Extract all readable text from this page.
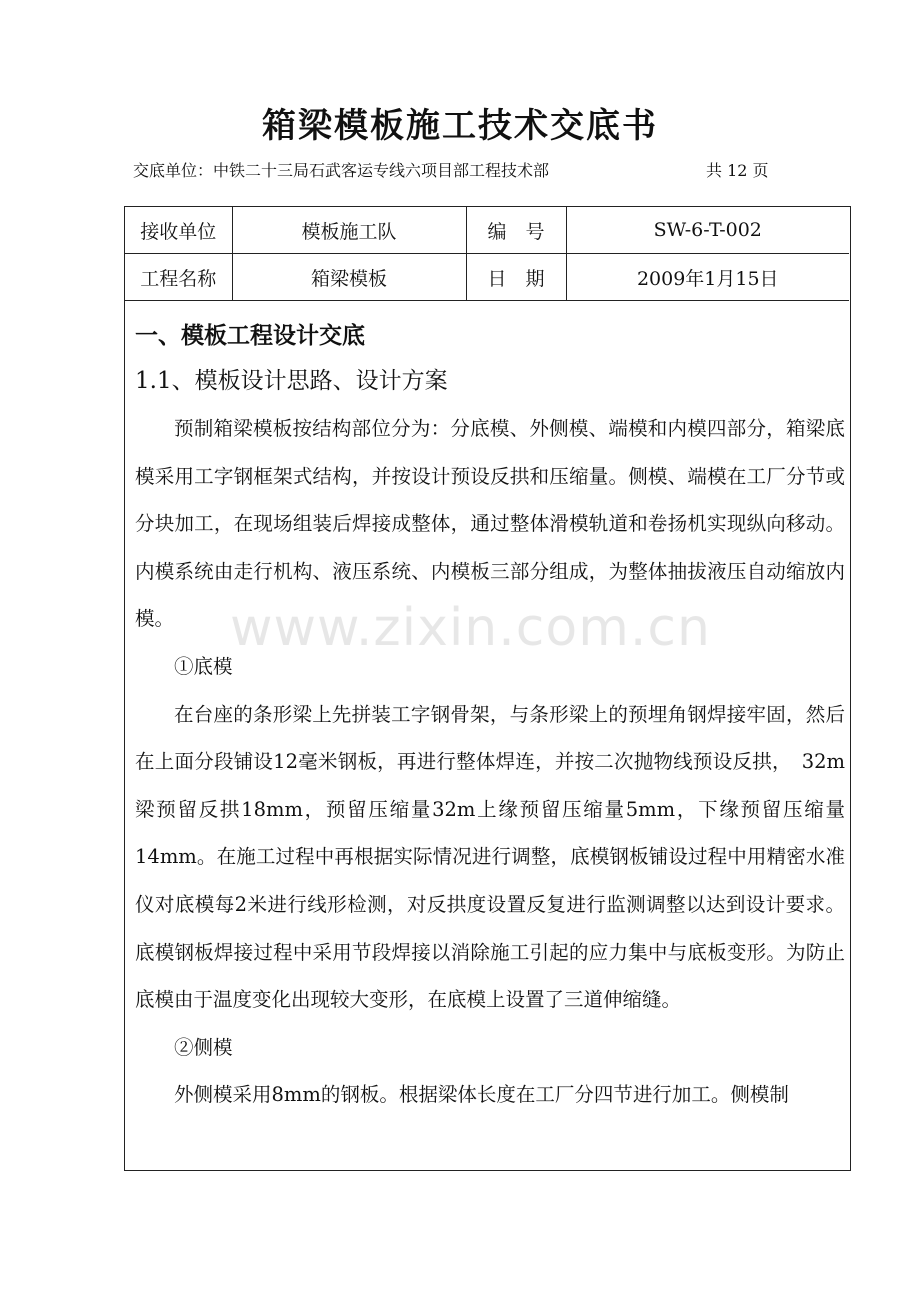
箱梁模板施工技术交底书
交底单位：中铁二十三局石武客运专线六项目部工程技术部	共 12 页
接收单位	模板施工队	编　号	SW-6-T-002
工程名称	箱梁模板	日　期	2009年1月15日

一、模板工程设计交底

1.1、模板设计思路、设计方案

预制箱梁模板按结构部位分为：分底模、外侧模、端模和内模四部分，箱梁底模采用工字钢框架式结构，并按设计预设反拱和压缩量。侧模、端模在工厂分节或分块加工，在现场组装后焊接成整体，通过整体滑模轨道和卷扬机实现纵向移动。内模系统由走行机构、液压系统、内模板三部分组成，为整体抽拔液压自动缩放内模。

①底模

在台座的条形梁上先拼装工字钢骨架，与条形梁上的预埋角钢焊接牢固，然后在上面分段铺设12毫米钢板，再进行整体焊连，并按二次抛物线预设反拱，　32m梁预留反拱18mm，预留压缩量32m上缘预留压缩量5mm，下缘预留压缩量14mm。在施工过程中再根据实际情况进行调整，底模钢板铺设过程中用精密水准仪对底模每2米进行线形检测，对反拱度设置反复进行监测调整以达到设计要求。底模钢板焊接过程中采用节段焊接以消除施工引起的应力集中与底板变形。为防止底模由于温度变化出现较大变形，在底模上设置了三道伸缩缝。

②侧模

外侧模采用8mm的钢板。根据梁体长度在工厂分四节进行加工。侧模制

www.zixin.com.cn
